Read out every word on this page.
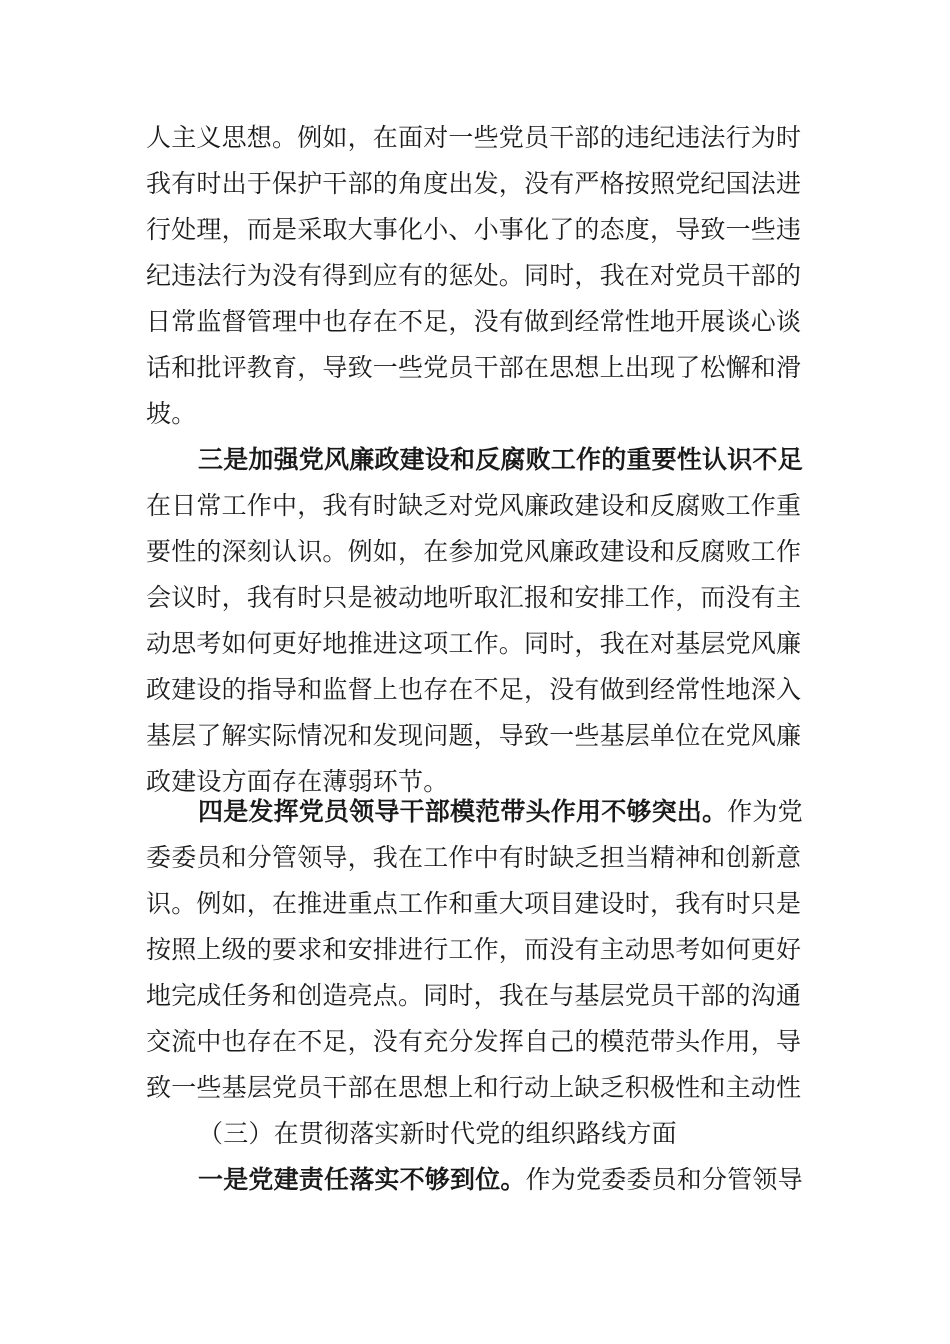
人主义思想。例如，在面对一些党员干部的违纪违法行为时
我有时出于保护干部的角度出发，没有严格按照党纪国法进
行处理，而是采取大事化小、小事化了的态度，导致一些违
纪违法行为没有得到应有的惩处。同时，我在对党员干部的
日常监督管理中也存在不足，没有做到经常性地开展谈心谈
话和批评教育，导致一些党员干部在思想上出现了松懈和滑
坡。
三是加强党风廉政建设和反腐败工作的重要性认识不足
在日常工作中，我有时缺乏对党风廉政建设和反腐败工作重
要性的深刻认识。例如，在参加党风廉政建设和反腐败工作
会议时，我有时只是被动地听取汇报和安排工作，而没有主
动思考如何更好地推进这项工作。同时，我在对基层党风廉
政建设的指导和监督上也存在不足，没有做到经常性地深入
基层了解实际情况和发现问题，导致一些基层单位在党风廉
政建设方面存在薄弱环节。
四是发挥党员领导干部模范带头作用不够突出。作为党
委委员和分管领导，我在工作中有时缺乏担当精神和创新意
识。例如，在推进重点工作和重大项目建设时，我有时只是
按照上级的要求和安排进行工作，而没有主动思考如何更好
地完成任务和创造亮点。同时，我在与基层党员干部的沟通
交流中也存在不足，没有充分发挥自己的模范带头作用，导
致一些基层党员干部在思想上和行动上缺乏积极性和主动性
（三）在贯彻落实新时代党的组织路线方面
一是党建责任落实不够到位。作为党委委员和分管领导
